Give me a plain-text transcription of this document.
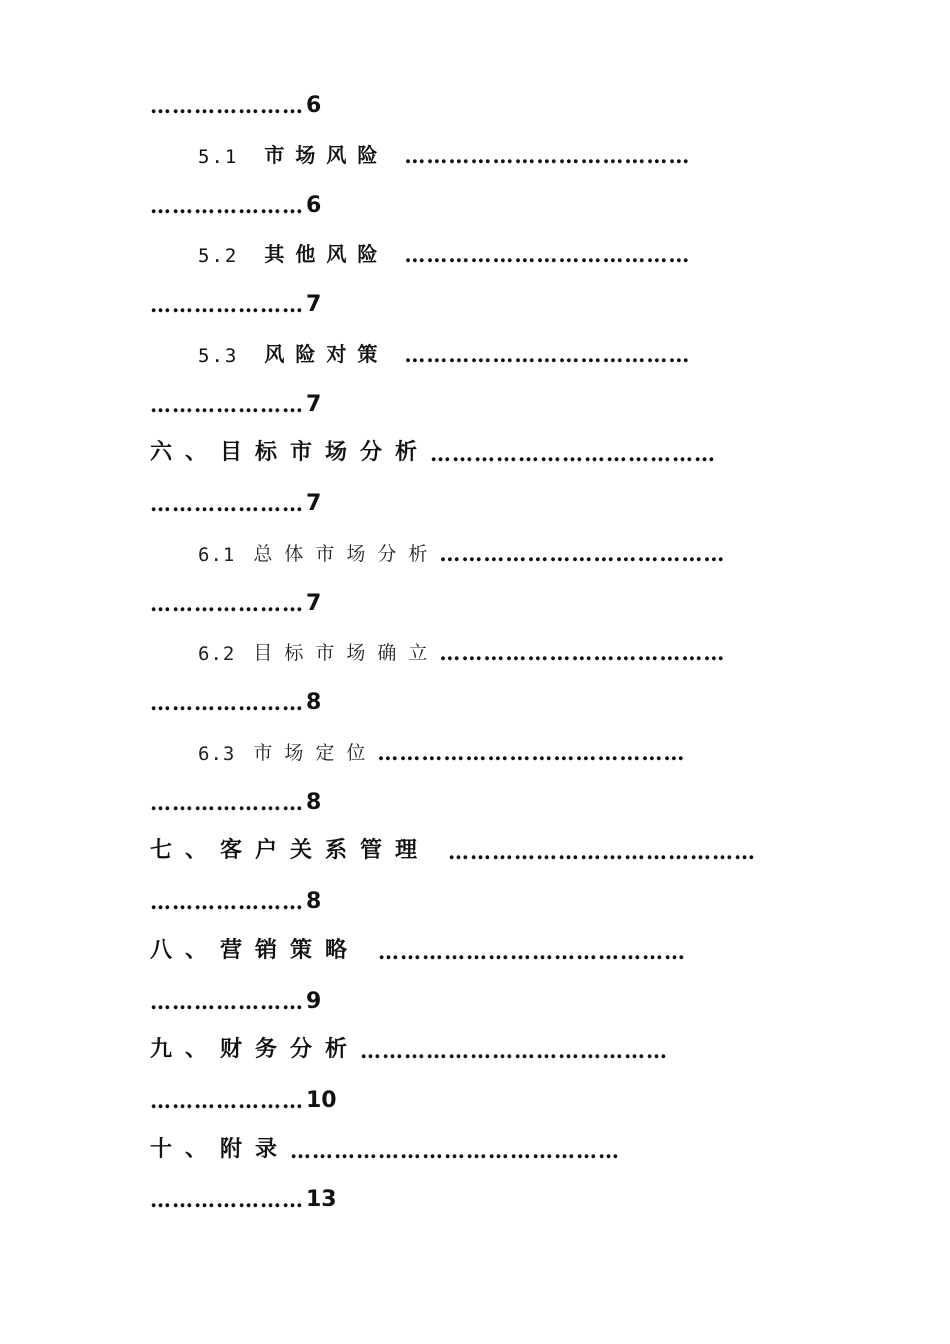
………………… 6
5.1 市场风险 …………………………………
………………… 6
5.2 其他风险 …………………………………
………………… 7
5.3 风险对策 …………………………………
………………… 7
六、目标市场分析 …………………………………
………………… 7
6.1 总体市场分析 …………………………………
………………… 7
6.2 目标市场确立 …………………………………
………………… 8
6.3 市场定位 ……………………………………
………………… 8
七、客户关系管理 ……………………………………
………………… 8
八、营销策略 ……………………………………
………………… 9
九、财务分析 ……………………………………
………………… 10
十、附录 ………………………………………
………………… 13
